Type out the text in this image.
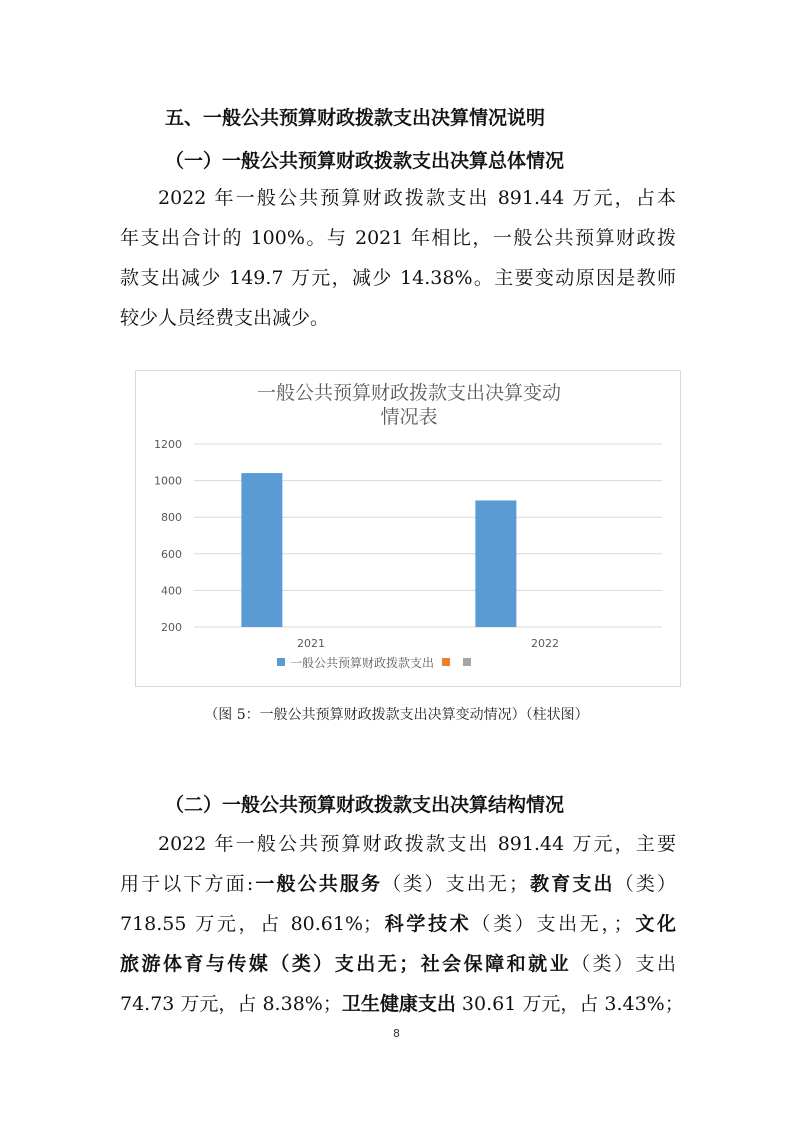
五、一般公共预算财政拨款支出决算情况说明
（一）一般公共预算财政拨款支出决算总体情况
2022 年一般公共预算财政拨款支出 891.44 万元，占本
年支出合计的 100%。与 2021 年相比，一般公共预算财政拨
款支出减少 149.7 万元，减少 14.38%。主要变动原因是教师
较少人员经费支出减少。
一般公共预算财政拨款支出决算变动
情况表
200
400
600
800
1000
1200
2021	2022
一般公共预算财政拨款支出
（图 5：一般公共预算财政拨款支出决算变动情况）（柱状图）
（二）一般公共预算财政拨款支出决算结构情况
2022 年一般公共预算财政拨款支出 891.44 万元，主要
用于以下方面:一般公共服务（类）支出无；教育支出（类）
718.55 万元，占 80.61%；科学技术（类）支出无，；文化
旅游体育与传媒（类）支出无；社会保障和就业（类）支出
74.73 万元，占 8.38%；卫生健康支出 30.61 万元，占 3.43%；
8
